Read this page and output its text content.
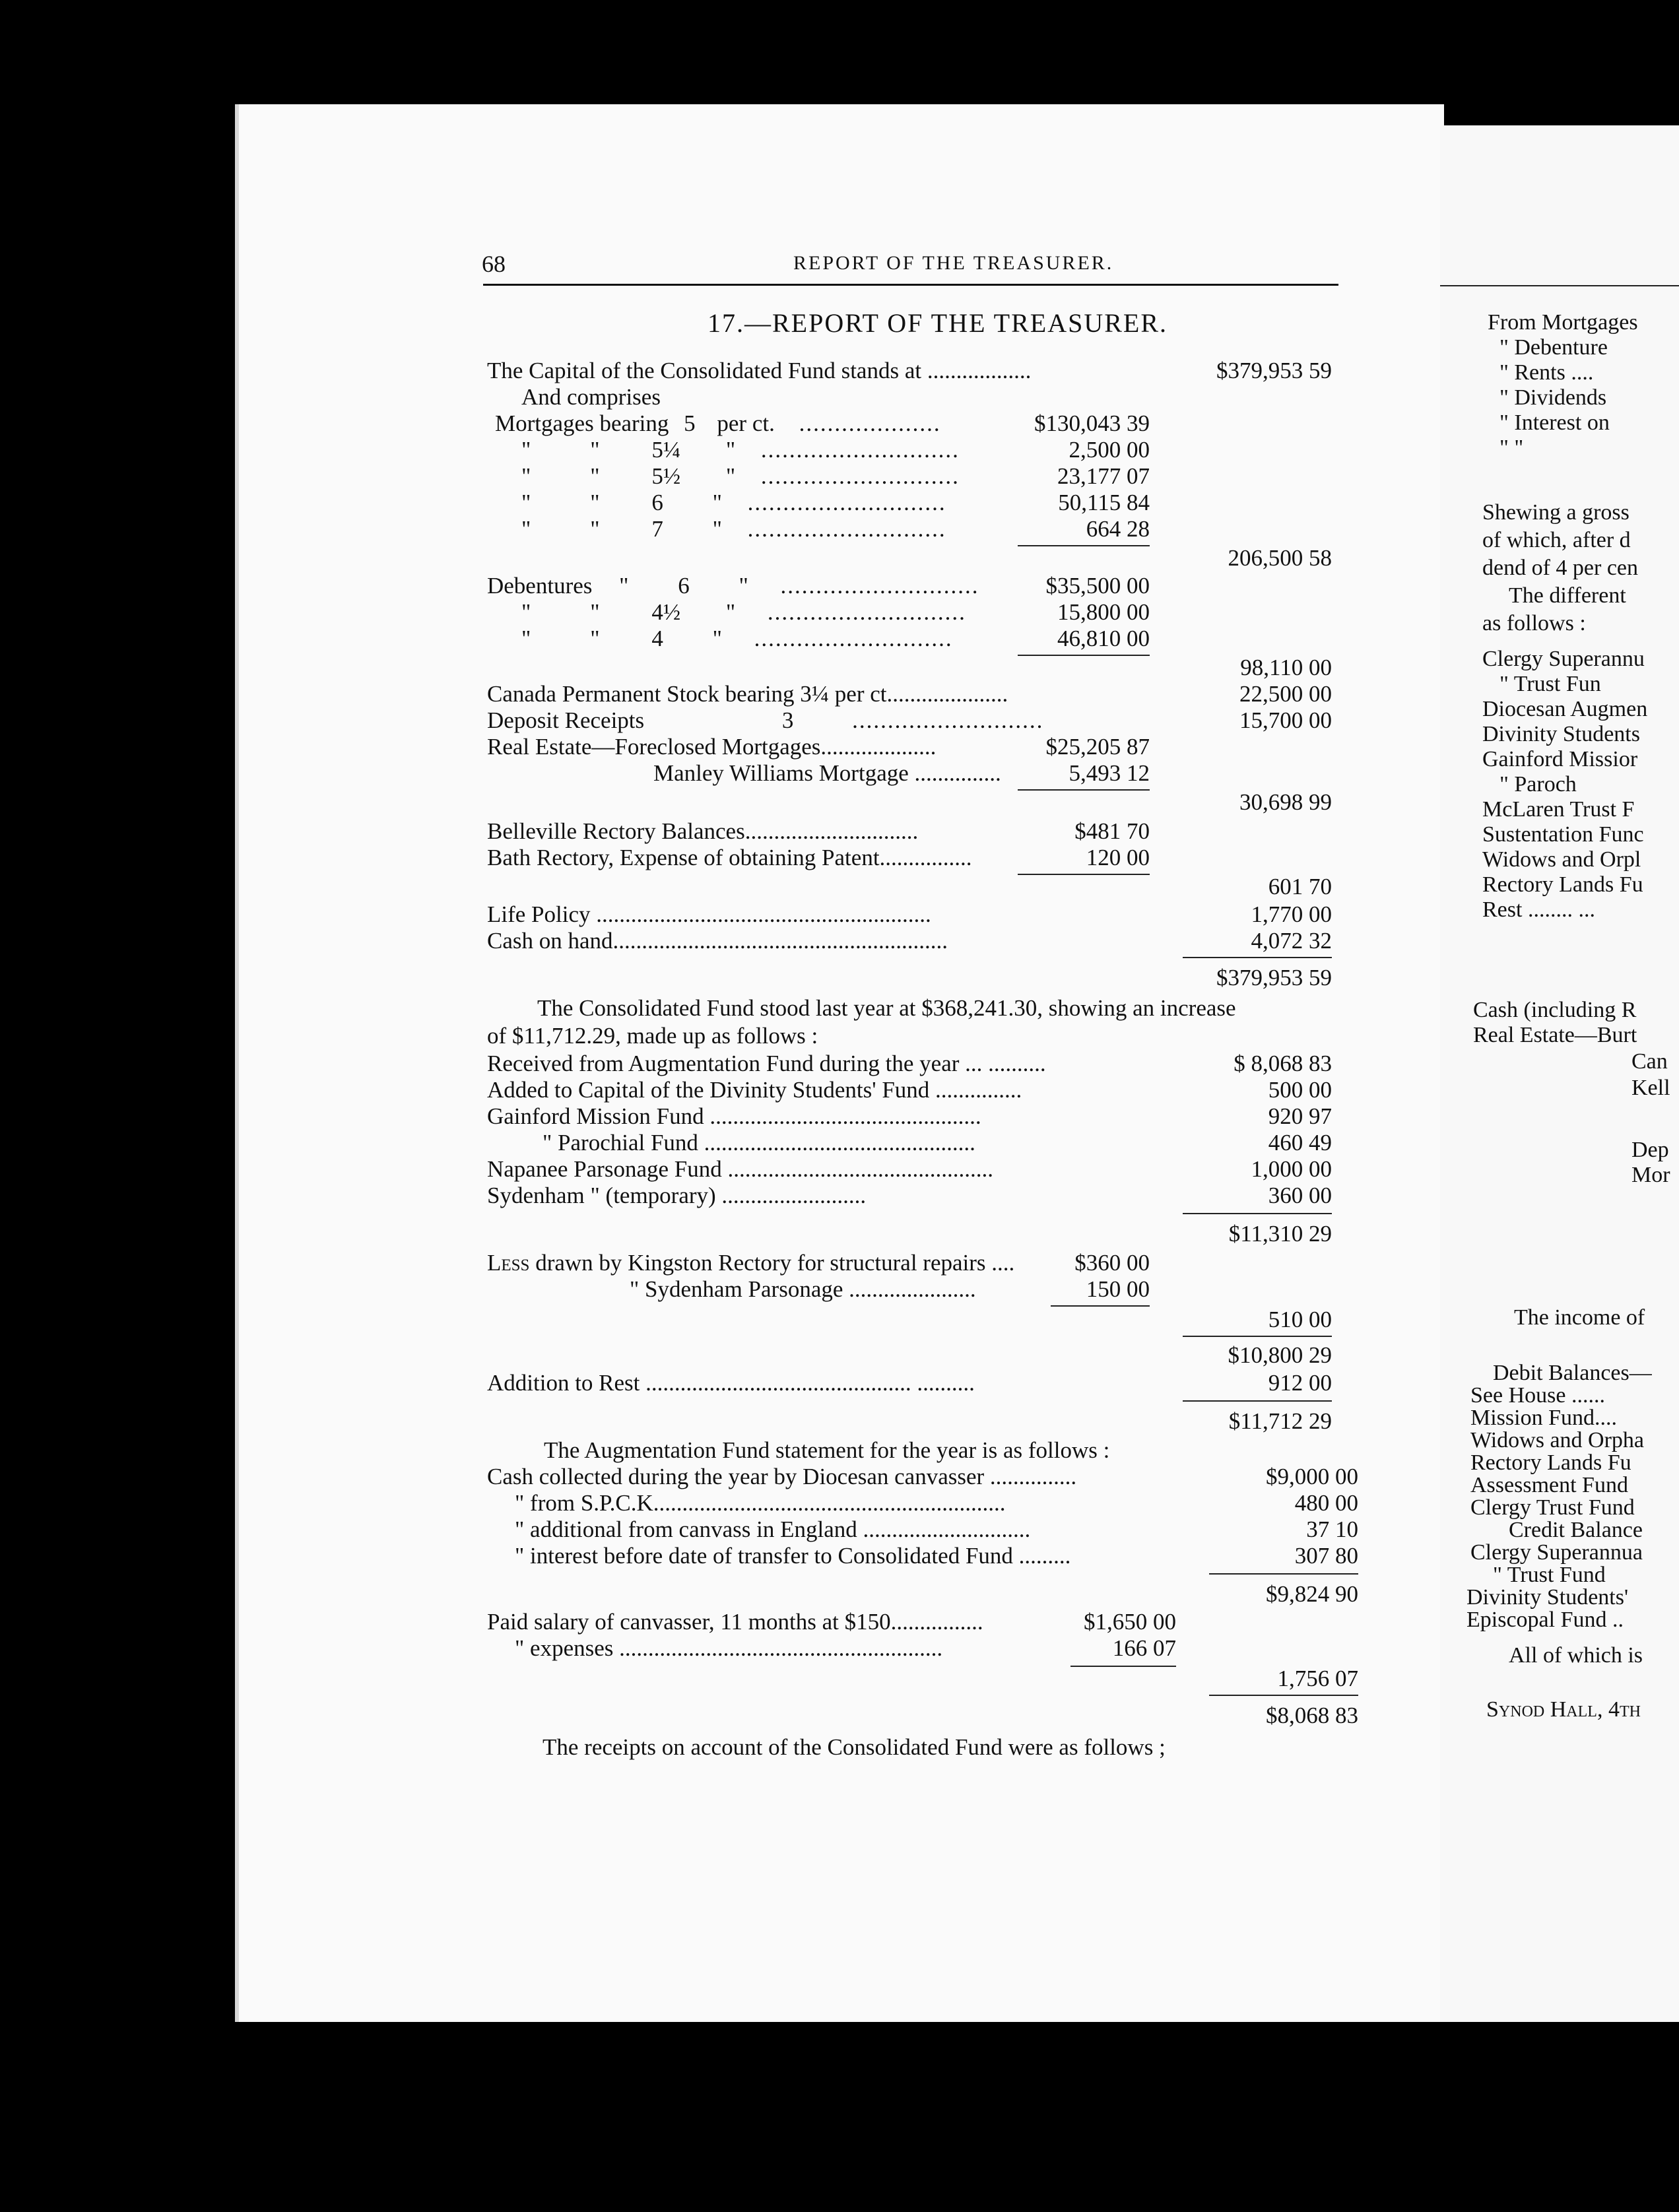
68	REPORT OF THE TREASURER.
17.—REPORT OF THE TREASURER.
The Capital of the Consolidated Fund stands at ..................	$379,953 59
And comprises
Mortgages bearing 5 per ct. ....................	$130,043 39
"	" 5¼ " ............................	2,500 00
"	" 5½ " ............................	23,177 07
"	" 6 " ............................	50,115 84
"	" 7 " ............................	664 28
206,500 58
Debentures " 6 " ............................	$35,500 00
"	" 4½ " ............................	15,800 00
"	" 4 " ............................	46,810 00
98,110 00
Canada Permanent Stock bearing 3¼ per ct.....................	22,500 00
Deposit Receipts	3	...........................	15,700 00
Real Estate—Foreclosed Mortgages....................	$25,205 87
Manley Williams Mortgage ...............	5,493 12
30,698 99
Belleville Rectory Balances..............................	$481 70
Bath Rectory, Expense of obtaining Patent................	120 00
601 70
Life Policy ..........................................................	1,770 00
Cash on hand..........................................................	4,072 32
$379,953 59
The Consolidated Fund stood last year at $368,241.30, showing an increase
of $11,712.29, made up as follows :
Received from Augmentation Fund during the year ... ..........	$ 8,068 83
Added to Capital of the Divinity Students' Fund ...............	500 00
Gainford Mission Fund ...............................................	920 97
" Parochial Fund ...............................................	460 49
Napanee Parsonage Fund ..............................................	1,000 00
Sydenham " (temporary) .........................	360 00
$11,310 29
Less drawn by Kingston Rectory for structural repairs ....	$360 00
" Sydenham Parsonage ......................	150 00
510 00
$10,800 29
Addition to Rest .............................................. ..........	912 00
$11,712 29
The Augmentation Fund statement for the year is as follows :
Cash collected during the year by Diocesan canvasser ...............	$9,000 00
" from S.P.C.K.............................................................	480 00
" additional from canvass in England .............................	37 10
" interest before date of transfer to Consolidated Fund .........	307 80
$9,824 90
Paid salary of canvasser, 11 months at $150................	$1,650 00
" expenses ........................................................	166 07
1,756 07
$8,068 83
The receipts on account of the Consolidated Fund were as follows ;
From Mortgages
" Debenture
" Rents ....
" Dividends
" Interest on
" "
Shewing a gross
of which, after d
dend of 4 per cen
The different
as follows :
Clergy Superannu
" Trust Fun
Diocesan Augmen
Divinity Students
Gainford Missior
" Paroch
McLaren Trust F
Sustentation Func
Widows and Orpl
Rectory Lands Fu
Rest ........ ...
Cash (including R
Real Estate—Burt
Can
Kell
Dep
Mor
The income of
Debit Balances—
See House ......
Mission Fund....
Widows and Orpha
Rectory Lands Fu
Assessment Fund
Clergy Trust Fund
Credit Balance
Clergy Superannua
" Trust Fund
Divinity Students'
Episcopal Fund ..
All of which is
Synod Hall, 4th
